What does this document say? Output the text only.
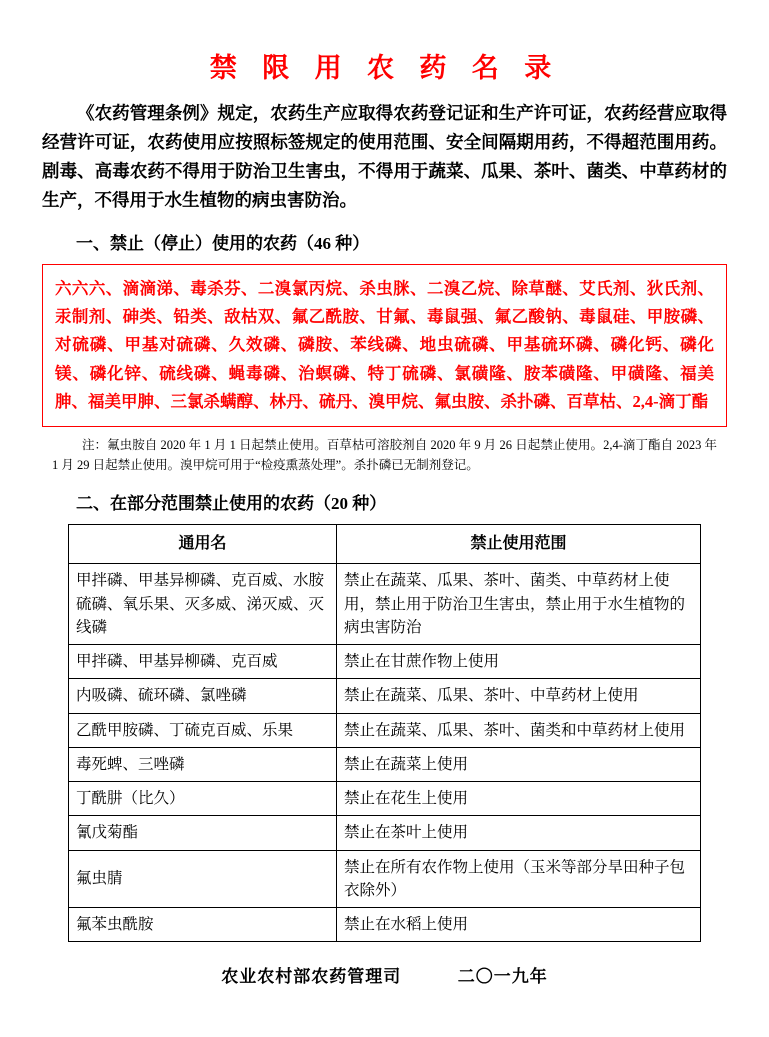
禁 限 用 农 药 名 录

《农药管理条例》规定，农药生产应取得农药登记证和生产许可证，农药经营应取得经营许可证，农药使用应按照标签规定的使用范围、安全间隔期用药，不得超范围用药。剧毒、高毒农药不得用于防治卫生害虫，不得用于蔬菜、瓜果、茶叶、菌类、中草药材的生产，不得用于水生植物的病虫害防治。

一、禁止（停止）使用的农药（46 种）

六六六、滴滴涕、毒杀芬、二溴氯丙烷、杀虫脒、二溴乙烷、除草醚、艾氏剂、狄氏剂、汞制剂、砷类、铅类、敌枯双、氟乙酰胺、甘氟、毒鼠强、氟乙酸钠、毒鼠硅、甲胺磷、对硫磷、甲基对硫磷、久效磷、磷胺、苯线磷、地虫硫磷、甲基硫环磷、磷化钙、磷化镁、磷化锌、硫线磷、蝇毒磷、治螟磷、特丁硫磷、氯磺隆、胺苯磺隆、甲磺隆、福美胂、福美甲胂、三氯杀螨醇、林丹、硫丹、溴甲烷、氟虫胺、杀扑磷、百草枯、2,4-滴丁酯

注：氟虫胺自 2020 年 1 月 1 日起禁止使用。百草枯可溶胶剂自 2020 年 9 月 26 日起禁止使用。2,4-滴丁酯自 2023 年 1 月 29 日起禁止使用。溴甲烷可用于“检疫熏蒸处理”。杀扑磷已无制剂登记。
二、在部分范围禁止使用的农药（20 种）
通用名	禁止使用范围
甲拌磷、甲基异柳磷、克百威、水胺硫磷、氧乐果、灭多威、涕灭威、灭线磷	禁止在蔬菜、瓜果、茶叶、菌类、中草药材上使用，禁止用于防治卫生害虫，禁止用于水生植物的病虫害防治
甲拌磷、甲基异柳磷、克百威	禁止在甘蔗作物上使用
内吸磷、硫环磷、氯唑磷	禁止在蔬菜、瓜果、茶叶、中草药材上使用
乙酰甲胺磷、丁硫克百威、乐果	禁止在蔬菜、瓜果、茶叶、菌类和中草药材上使用
毒死蜱、三唑磷	禁止在蔬菜上使用
丁酰肼（比久）	禁止在花生上使用
氰戊菊酯	禁止在茶叶上使用
氟虫腈	禁止在所有农作物上使用（玉米等部分旱田种子包衣除外）
氟苯虫酰胺	禁止在水稻上使用
农业农村部农药管理司	二〇一九年
